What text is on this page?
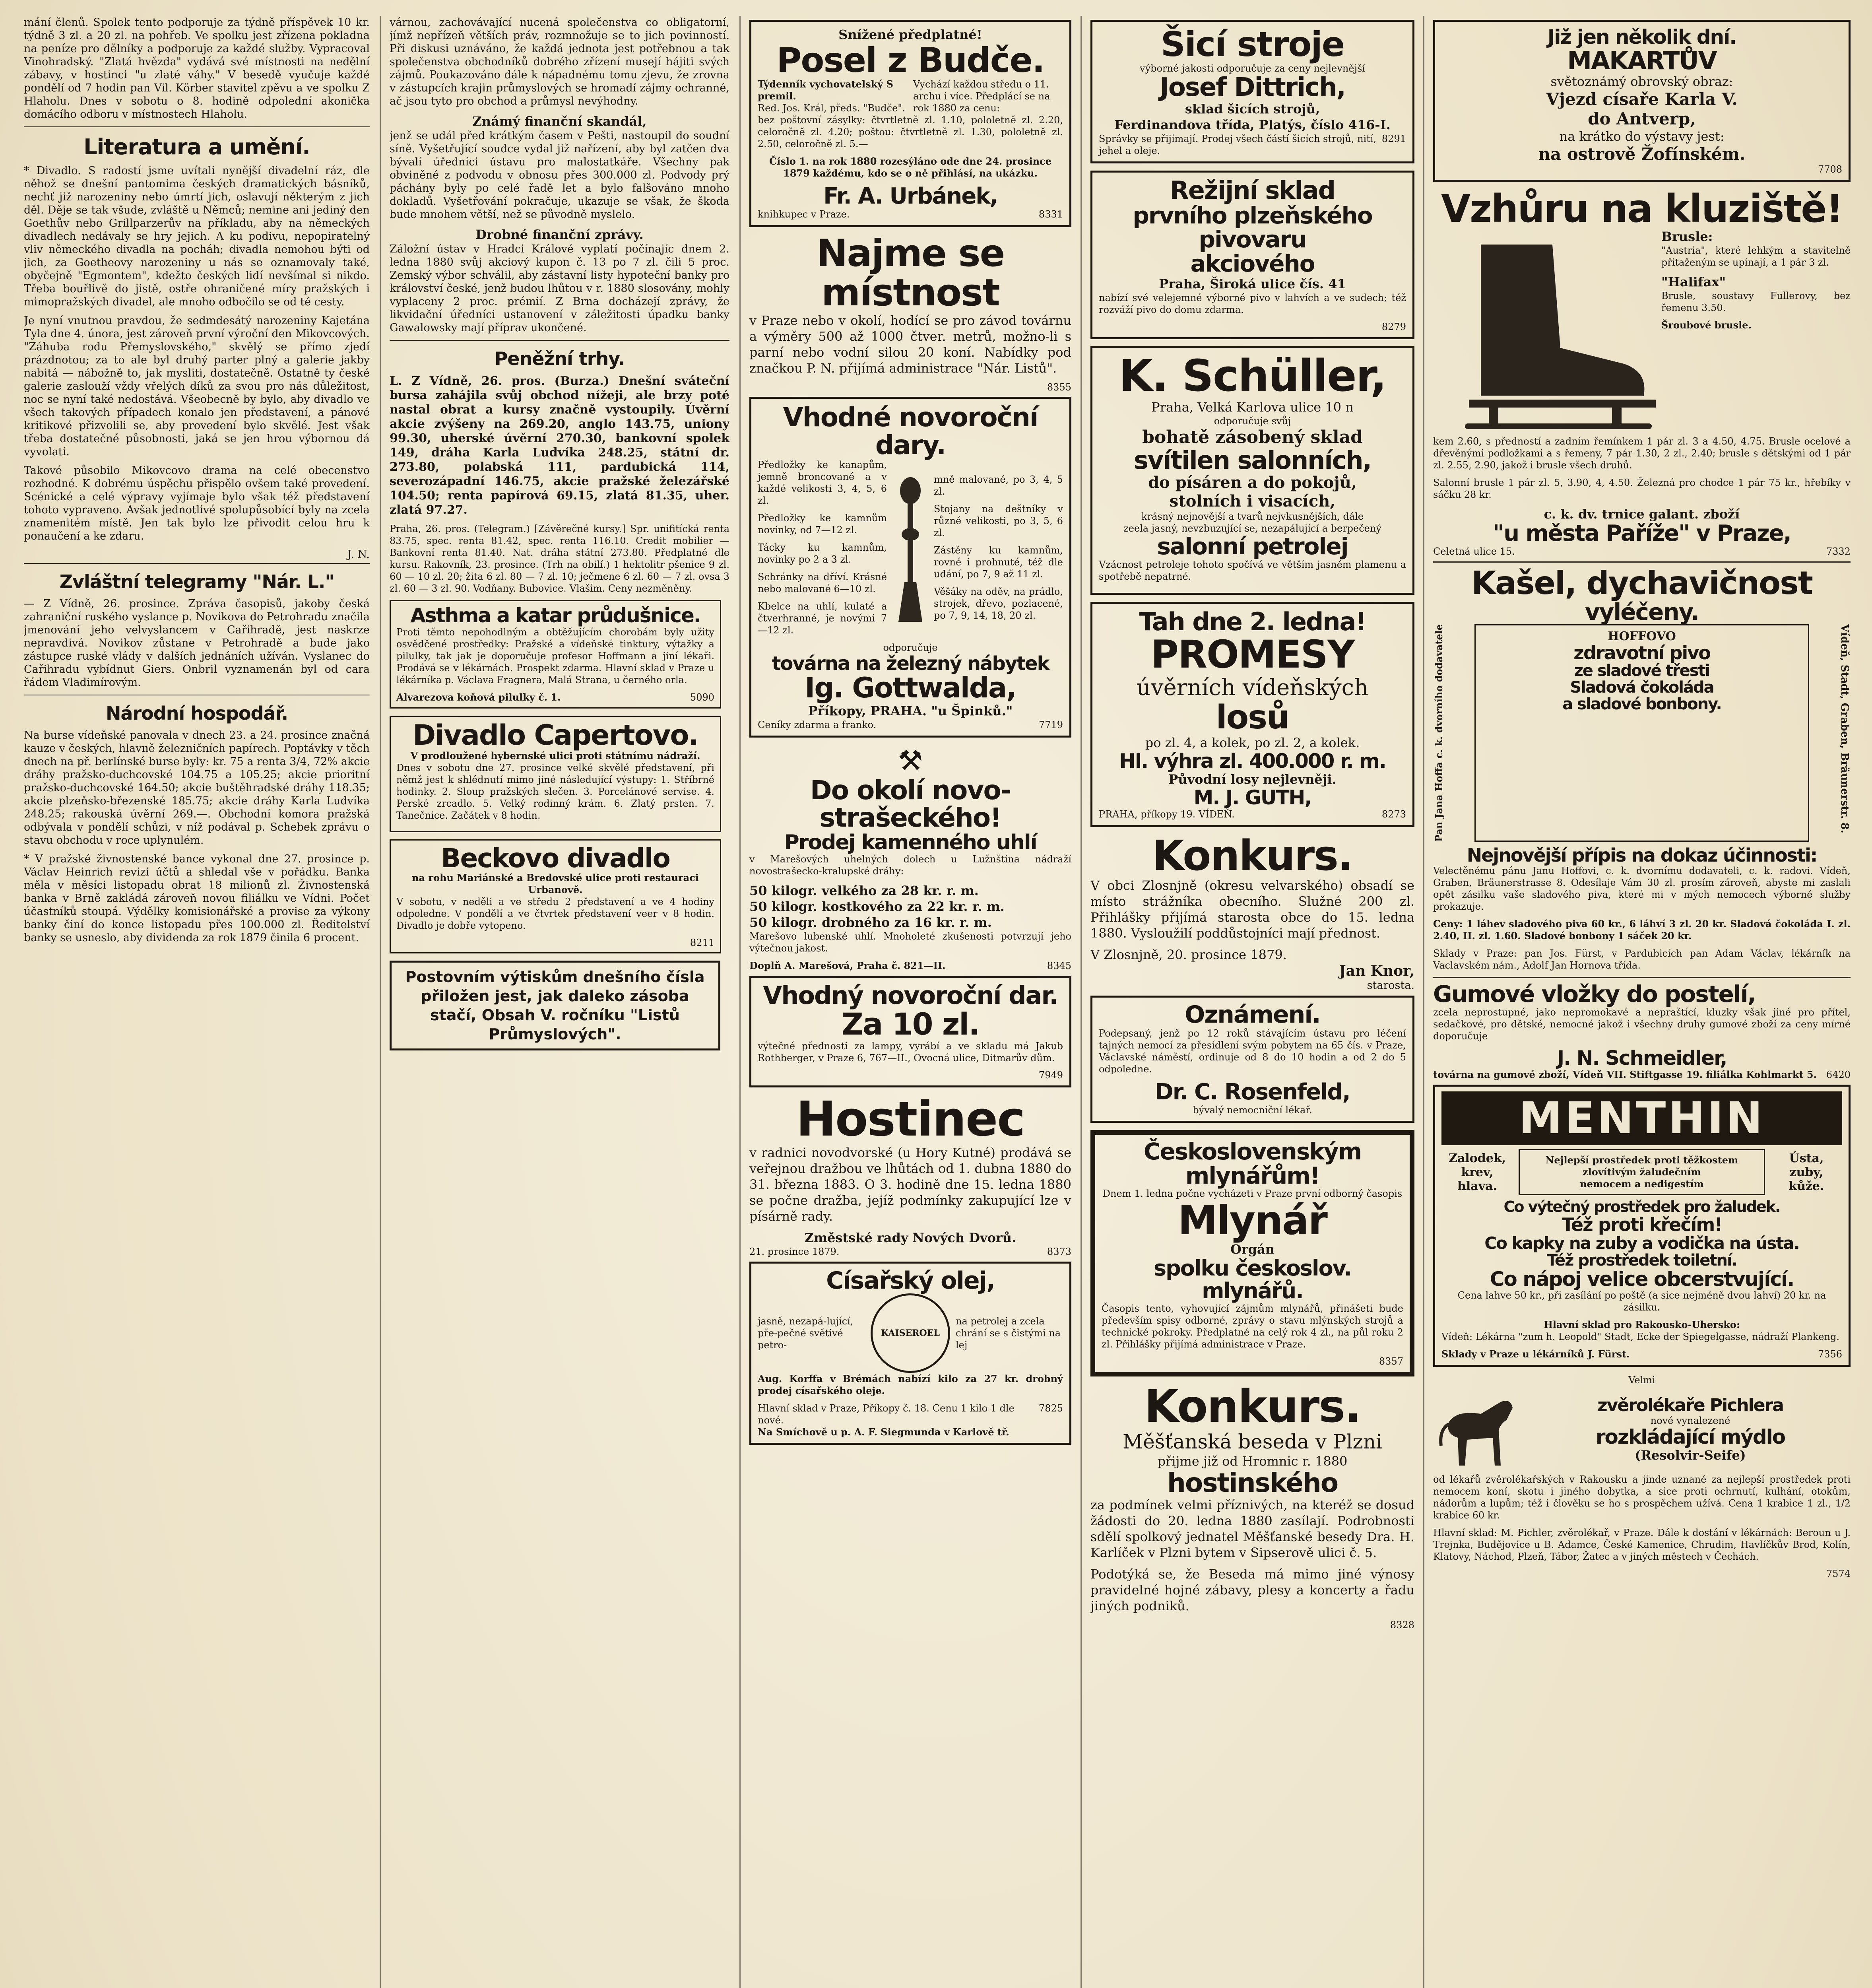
mání členů. Spolek tento podporuje za týdně příspěvek 10 kr. týdně 3 zl. a 20 zl. na pohřeb. Ve spolku jest zřízena pokladna na peníze pro dělníky a podporuje za každé služby. Vypracoval Vinohradský. "Zlatá hvězda" vydává své místnosti na nedělní zábavy, v hostinci "u zlaté váhy." V besedě vyučuje každé pondělí od 7 hodin pan Vil. Körber stavitel zpěvu a ve spolku Z Hlaholu. Dnes v sobotu o 8. hodině odpolední akonička domácího odboru v místnostech Hlaholu.

Literatura a umění.

* Divadlo. S radostí jsme uvítali nynější divadelní ráz, dle něhož se dnešní pantomima českých dramatických básníků, nechť již narozeniny nebo úmrtí jich, oslavují některým z jich děl. Děje se tak všude, zvláště u Němců; nemine ani jediný den Goethův nebo Grillparzerův na příkladu, aby na německých divadlech nedávaly se hry jejich. A ku podivu, nepopiratelný vliv německého divadla na pocháh; divadla nemohou býti od jich, za Goetheovy narozeniny u nás se oznamovaly také, obyčejně "Egmontem", kdežto českých lidí nevšímal si nikdo. Třeba bouřlivě do jistě, ostře ohraničené míry pražských i mimopražských divadel, ale mnoho odbočilo se od té cesty.

Je nyní vnutnou pravdou, že sedmdesátý narozeniny Kajetána Tyla dne 4. února, jest zároveň první výroční den Mikovcových. "Záhuba rodu Přemyslovského," skvělý se přímo zjedí prázdnotou; za to ale byl druhý parter plný a galerie jakby nabitá — nábožně to, jak mysliti, dostatečně. Ostatně ty české galerie zaslouží vždy vřelých díků za svou pro nás důležitost, noc se nyní také nedostává. Všeobecně by bylo, aby divadlo ve všech takových případech konalo jen představení, a pánové kritikové přizvolili se, aby provedení bylo skvělé. Jest však třeba dostatečné působnosti, jaká se jen hrou výbornou dá vyvolati.

Takové působilo Mikovcovo drama na celé obecenstvo rozhodné. K dobrému úspěchu přispělo ovšem také provedení. Scénické a celé výpravy vyjímaje bylo však též představení tohoto vypraveno. Avšak jednotlivé spolupůsobící byly na zcela znamenitém místě. Jen tak bylo lze přivodit celou hru k ponaučení a ke zdaru.

J. N.
Zvláštní telegramy "Nár. L."

— Z Vídně, 26. prosince. Zpráva časopisů, jakoby česká zahraniční ruského vyslance p. Novikova do Petrohradu značila jmenování jeho velvyslancem v Cařihradě, jest naskrze nepravdivá. Novikov zůstane v Petrohradě a bude jako zástupce ruské vlády v dalších jednáních užíván. Vyslanec do Cařihradu vybídnut Giers. Onbril vyznamenán byl od cara řádem Vladimírovým.

Národní hospodář.

Na burse vídeňské panovala v dnech 23. a 24. prosince značná kauze v českých, hlavně železničních papírech. Poptávky v těch dnech na př. berlínské burse byly: kr. 75 a renta 3/4, 72% akcie dráhy pražsko-duchcovské 104.75 a 105.25; akcie prioritní pražsko-duchcovské 164.50; akcie buštěhradské dráhy 118.35; akcie plzeňsko-březenské 185.75; akcie dráhy Karla Ludvíka 248.25; rakouská úvěrní 269.—. Obchodní komora pražská odbývala v pondělí schůzi, v níž podával p. Schebek zprávu o stavu obchodu v roce uplynulém.

* V pražské živnostenské bance vykonal dne 27. prosince p. Václav Heinrich revizi účtů a shledal vše v pořádku. Banka měla v měsíci listopadu obrat 18 milionů zl. Živnostenská banka v Brně zakládá zároveň novou filiálku ve Vídni. Počet účastníků stoupá. Výdělky komisionářské a provise za výkony banky činí do konce listopadu přes 100.000 zl. Ředitelství banky se usneslo, aby dividenda za rok 1879 činila 6 procent.

várnou, zachovávající nucená společenstva co obligatorní, jímž nepřízeň větších práv, rozmnožuje se to jich povinností. Při diskusi uznáváno, že každá jednota jest potřebnou a tak společenstva obchodníků dobrého zřízení musejí hájiti svých zájmů. Poukazováno dále k nápadnému tomu zjevu, že zrovna v zástupcích krajin průmyslových se hromadí zájmy ochranné, ač jsou tyto pro obchod a průmysl nevýhodny.

Známý finanční skandál,

jenž se udál před krátkým časem v Pešti, nastoupil do soudní síně. Vyšetřující soudce vydal již nařízení, aby byl zatčen dva bývalí úředníci ústavu pro malostatkáře. Všechny pak obviněné z podvodu v obnosu přes 300.000 zl. Podvody prý páchány byly po celé řadě let a bylo falšováno mnoho dokladů. Vyšetřování pokračuje, ukazuje se však, že škoda bude mnohem větší, než se původně myslelo.

Drobné finanční zprávy.

Záložní ústav v Hradci Králové vyplatí počínajíc dnem 2. ledna 1880 svůj akciový kupon č. 13 po 7 zl. čili 5 proc. Zemský výbor schválil, aby zástavní listy hypoteční banky pro království české, jenž budou lhůtou v r. 1880 slosovány, mohly vyplaceny 2 proc. prémií. Z Brna docházejí zprávy, že likvidační úředníci ustanovení v záležitosti úpadku banky Gawalowsky mají příprav ukončené.

Peněžní trhy.

L. Z Vídně, 26. pros. (Burza.) Dnešní sváteční bursa zahájila svůj obchod nížeji, ale brzy poté nastal obrat a kursy značně vystoupily. Úvěrní akcie zvýšeny na 269.20, anglo 143.75, uniony 99.30, uherské úvěrní 270.30, bankovní spolek 149, dráha Karla Ludvíka 248.25, státní dr. 273.80, polabská 111, pardubická 114, severozápadní 146.75, akcie pražské železářské 104.50; renta papírová 69.15, zlatá 81.35, uher. zlatá 97.27.

Praha, 26. pros. (Telegram.) [Závěrečné kursy.] Spr. unifitícká renta 83.75, spec. renta 81.42, spec. renta 116.10. Credit mobilier — Bankovní renta 81.40. Nat. dráha státní 273.80. Předplatné dle kursu. Rakovník, 23. prosince. (Trh na obilí.) 1 hektolitr pšenice 9 zl. 60 — 10 zl. 20; žita 6 zl. 80 — 7 zl. 10; ječmene 6 zl. 60 — 7 zl. ovsa 3 zl. 60 — 3 zl. 90. Vodňany. Bubovice. Vlašim. Ceny nezměněny.

Asthma a katar průdušnice.

Proti těmto nepohodlným a obtěžujícím chorobám byly užity osvědčené prostředky: Pražské a vídeňské tinktury, výtažky a pilulky, tak jak je doporučuje profesor Hoffmann a jiní lékaři. Prodává se v lékárnách. Prospekt zdarma. Hlavní sklad v Praze u lékárníka p. Václava Fragnera, Malá Strana, u černého orla.

Alvarezova koňová pilulky č. 1.	5090
Divadlo Capertovo.
V prodloužené hybernské ulici proti státnímu nádraží.

Dnes v sobotu dne 27. prosince velké skvělé představení, při němž jest k shlédnutí mimo jiné následující výstupy: 1. Stříbrné hodinky. 2. Sloup pražských slečen. 3. Porcelánové servise. 4. Perské zrcadlo. 5. Velký rodinný krám. 6. Zlatý prsten. 7. Tanečnice. Začátek v 8 hodin.

Beckovo divadlo
na rohu Mariánské a Bredovské ulice proti restauraci Urbanově.

V sobotu, v neděli a ve středu 2 představení a ve 4 hodiny odpoledne. V pondělí a ve čtvrtek představení veer v 8 hodin. Divadlo je dobře vytopeno.

8211
Postovním výtiskům dnešního čísla přiložen jest, jak daleko zásoba stačí, Obsah V. ročníku "Listů Průmyslových".
Snížené předplatné!
Posel z Budče.
Týdenník vychovatelský S premil.
Red. Jos. Král, předs. "Budče".
Vychází každou středu o 11. archu i více. Předplácí se na rok 1880 za cenu:

bez poštovní zásylky: čtvrtletně zl. 1.10, pololetně zl. 2.20, celoročně zl. 4.20; poštou: čtvrtletně zl. 1.30, pololetně zl. 2.50, celoročně zl. 5.—

Číslo 1. na rok 1880 rozesýláno ode dne 24. prosince 1879 každému, kdo se o ně přihlásí, na ukázku.

Fr. A. Urbánek,
knihkupec v Praze.	8331
Najme se místnost

v Praze nebo v okolí, hodící se pro závod továrnu a výměry 500 až 1000 čtver. metrů, možno-li s parní nebo vodní silou 20 koní. Nabídky pod značkou P. N. přijímá administrace "Nár. Listů".

8355
Vhodné novoroční dary.

Předložky ke kanapům, jemně broncované a v každé velikosti 3, 4, 5, 6 zl.

Předložky ke kamnům novinky, od 7—12 zl.

Tácky ku kamnům, novinky po 2 a 3 zl.

Schránky na dříví. Krásné nebo malované 6—10 zl.

Kbelce na uhlí, kulaté a čtverhranné, je novými 7—12 zl.

mně malované, po 3, 4, 5 zl.

Stojany na deštníky v různé velikosti, po 3, 5, 6 zl.

Zástěny ku kamnům, rovné i prohnuté, též dle udání, po 7, 9 až 11 zl.

Věšáky na oděv, na prádlo, strojek, dřevo, pozlacené, po 7, 9, 14, 18, 20 zl.

odporučuje
továrna na železný nábytek
Ig. Gottwalda,
Příkopy, PRAHA. "u Špinků."
Ceníky zdarma a franko.	7719
⚒
Do okolí novo-strašeckého!
Prodej kamenného uhlí

v Marešových uhelných dolech u Lužnština nádraží novostrašecko-kralupské dráhy:

50 kilogr. velkého za 28 kr. r. m.
50 kilogr. kostkového za 22 kr. r. m.
50 kilogr. drobného za 16 kr. r. m.

Marešovo lubenské uhlí. Mnoholeté zkušenosti potvrzují jeho výtečnou jakost.

Doplň A. Marešová, Praha č. 821—II.	8345
Vhodný novoroční dar.
Za 10 zl.

výtečné přednosti za lampy, vyrábí a ve skladu má Jakub Rothberger, v Praze 6, 767—II., Ovocná ulice, Ditmarův dům.

7949
Hostinec

v radnici novodvorské (u Hory Kutné) prodává se veřejnou dražbou ve lhůtách od 1. dubna 1880 do 31. března 1883. O 3. hodině dne 15. ledna 1880 se počne dražba, jejíž podmínky zakupující lze v písárně rady.

Změstské rady Nových Dvorů.
21. prosince 1879.	8373
Císařský olej,
jasně, nezapá-lující, pře-pečné světivé petro-
KAISEROEL
na petrolej a zcela chrání se s čistými na lej

Aug. Korffa v Brémách nabízí kilo za 27 kr. drobný prodej císařského oleje.

Hlavní sklad v Praze, Příkopy č. 18. Cenu 1 kilo 1 dle nové.
7825
Na Smíchově u p. A. F. Siegmunda v Karlově tř.

Šicí stroje
výborné jakosti odporučuje za ceny nejlevnější
Josef Dittrich,
sklad šicích strojů,
Ferdinandova třída, Platýs, číslo 416-I.
Správky se přijímají. Prodej všech částí šicích strojů, nití, jehel a oleje.
8291
Režijní sklad
prvního plzeňského pivovaru
akciového
Praha, Široká ulice čís. 41

nabízí své velejemné výborné pivo v lahvích a ve sudech; též rozváží pivo do domu zdarma.

8279
K. Schüller,
Praha, Velká Karlova ulice 10 n
odporučuje svůj
bohatě zásobený sklad
svítilen salonních,
do písáren a do pokojů,
stolních i visacích,
krásný nejnovější a tvarů nejvkusnějších, dále
zeela jasný, nevzbuzující se, nezapálující a berpečený
salonní petrolej

Vzácnost petroleje tohoto spočívá ve větším jasném plamenu a spotřebě nepatrné.

Tah dne 2. ledna!
PROMESY
úvěrních vídeňských
losů
po zl. 4, a kolek, po zl. 2, a kolek.
Hl. výhra zl. 400.000 r. m.
Původní losy nejlevněji.
M. J. GUTH,
PRAHA, příkopy 19. VÍDEŇ.	8273
Konkurs.

V obci Zlosnjně (okresu velvarského) obsadí se místo strážníka obecního. Služné 200 zl. Přihlášky přijímá starosta obce do 15. ledna 1880. Vysloužilí poddůstojníci mají přednost.

V Zlosnjně, 20. prosince 1879.
Jan Knor,
starosta.
Oznámení.

Podepsaný, jenž po 12 roků stávajícím ústavu pro léčení tajných nemocí za přesídlení svým pobytem na 65 čís. v Praze, Václavské náměstí, ordinuje od 8 do 10 hodin a od 2 do 5 odpoledne.

Dr. C. Rosenfeld,
bývalý nemocniční lékař.
Československým mlynářům!
Dnem 1. ledna počne vycházeti v Praze první odborný časopis
Mlynář
Orgán
spolku českoslov. mlynářů.

Časopis tento, vyhovující zájmům mlynářů, přinášeti bude především spisy odborné, zprávy o stavu mlýnských strojů a technické pokroky. Předplatné na celý rok 4 zl., na půl roku 2 zl. Přihlášky přijímá administrace v Praze.

8357
Konkurs.
Měšťanská beseda v Plzni
přijme již od Hromnic r. 1880
hostinského

za podmínek velmi příznivých, na kteréž se dosud žádosti do 20. ledna 1880 zasílají. Podrobnosti sdělí spolkový jednatel Měšťanské besedy Dra. H. Karlíček v Plzni bytem v Sipserově ulici č. 5.

Podotýká se, že Beseda má mimo jiné výnosy pravidelné hojné zábavy, plesy a koncerty a řadu jiných podniků.

8328
Již jen několik dní.
MAKARTŮV
světoznámý obrovský obraz:
Vjezd císaře Karla V.
do Antverp,
na krátko do výstavy jest:
na ostrově Žofínském.
7708
Vzhůru na kluziště!
Brusle:

"Austria", které lehkým a stavitelně přitaženým se upínají, a 1 pár 3 zl.

"Halifax"

Brusle, soustavy Fullerovy, bez řemenu 3.50.

Šroubové brusle.

kem 2.60, s předností a zadním řemínkem 1 pár zl. 3 a 4.50, 4.75. Brusle ocelové a dřevěnými podložkami a s řemeny, 7 pár 1.30, 2 zl., 2.40; brusle s dětskými od 1 pár zl. 2.55, 2.90, jakož i brusle všech druhů.

Salonní brusle 1 pár zl. 5, 3.90, 4, 4.50. Železná pro chodce 1 pár 75 kr., hřebíky v sáčku 28 kr.

c. k. dv. trnice galant. zboží
"u města Paříže" v Praze,
Celetná ulice 15.	7332
Kašel, dychavičnost
vyléčeny.
Pan Jana Hoffa c. k. dvorního dodavatele	HOFFOVO
zdravotní pivo
ze sladové třesti
Sladová čokoláda
a sladové bonbony.	Vídeň, Stadt, Graben, Bräunerstr. 8.
Nejnovější přípis na dokaz účinnosti:

Velectěnému pánu Janu Hoffovi, c. k. dvornímu dodavateli, c. k. radovi. Vídeň, Graben, Bräunerstrasse 8. Odesílaje Vám 30 zl. prosím zároveň, abyste mi zaslali opět zásilku vaše sladového piva, které mi v mých nemocech výborné služby prokazuje.

Ceny: 1 láhev sladového piva 60 kr., 6 láhví 3 zl. 20 kr. Sladová čokoláda I. zl. 2.40, II. zl. 1.60. Sladové bonbony 1 sáček 20 kr.

Sklady v Praze: pan Jos. Fürst, v Pardubicích pan Adam Václav, lékárník na Vaclavském nám., Adolf Jan Hornova třída.

Gumové vložky do postelí,

zcela neprostupné, jako nepromokavé a nepraštící, kluzky však jiné pro přítel, sedačkové, pro dětské, nemocné jakož i všechny druhy gumové zboží za ceny mírné doporučuje

J. N. Schmeidler,
továrna na gumové zboží, Vídeň VII. Stiftgasse 19. filiálka Kohlmarkt 5. 6420
MENTHIN
Zalodek, krev, hlava.
Nejlepší prostředek proti těžkostem
zlovítivým žaludečním
nemocem a nedigestím
Ústa, zuby, kůže.
Co výtečný prostředek pro žaludek.
Též proti křečím!
Co kapky na zuby a vodička na ústa.
Též prostředek toiletní.
Co nápoj velice obcerstvující.

Cena lahve 50 kr., při zasílání po poště (a sice nejméně dvou lahví) 20 kr. na zásilku.

Hlavní sklad pro Rakousko-Uhersko:

Vídeň: Lékárna "zum h. Leopold" Stadt, Ecke der Spiegelgasse, nádraží Plankeng.

Sklady v Praze u lékárníků J. Fürst.	7356
Velmi
zvěrolékaře Pichlera
nové vynalezené
rozkládající mýdlo
(Resolvir-Seife)

od lékařů zvěrolékařských v Rakousku a jinde uznané za nejlepší prostředek proti nemocem koní, skotu i jiného dobytka, a sice proti ochrnutí, kulhání, otokům, nádorům a lupům; též i člověku se ho s prospěchem užívá. Cena 1 krabice 1 zl., 1/2 krabice 60 kr.

Hlavní sklad: M. Pichler, zvěrolékař, v Praze. Dále k dostání v lékárnách: Beroun u J. Trejnka, Budějovice u B. Adamce, České Kamenice, Chrudim, Havlíčkův Brod, Kolín, Klatovy, Náchod, Plzeň, Tábor, Žatec a v jiných městech v Čechách.

7574
